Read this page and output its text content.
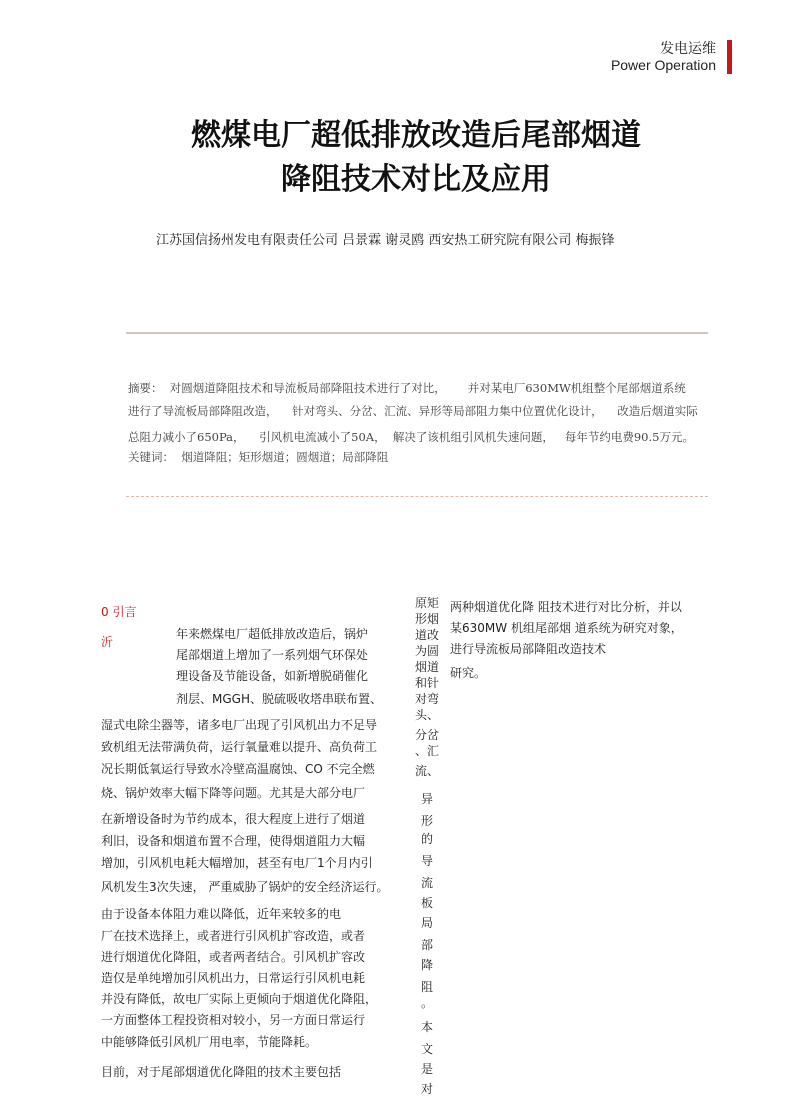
发电运维
Power Operation
燃煤电厂超低排放改造后尾部烟道
降阻技术对比及应用
江苏国信扬州发电有限责任公司 吕景霖 谢灵鸥 西安热工研究院有限公司 梅振锋
摘要：  对圆烟道降阻技术和导流板局部降阻技术进行了对比，      并对某电厂630MW机组整个尾部烟道系统
进行了导流板局部降阻改造，    针对弯头、分岔、汇流、异形等局部阻力集中位置优化设计，    改造后烟道实际
总阻力减小了650Pa，    引风机电流减小了50A，  解决了该机组引风机失速问题，   每年节约电费90.5万元。
关键词：  烟道降阻；矩形烟道；圆烟道；局部降阻
0 引言
沂
年来燃煤电厂超低排放改造后，锅炉
尾部烟道上增加了一系列烟气环保处
理设备及节能设备，如新增脱硝催化
剂层、MGGH、脱硫吸收塔串联布置、
湿式电除尘器等，诸多电厂出现了引风机出力不足导
致机组无法带满负荷，运行氧量难以提升、高负荷工
况长期低氧运行导致水冷壁高温腐蚀、CO 不完全燃
烧、锅炉效率大幅下降等问题。尤其是大部分电厂
在新增设备时为节约成本，很大程度上进行了烟道
利旧，设备和烟道布置不合理，使得烟道阻力大幅
增加，引风机电耗大幅增加，甚至有电厂1个月内引
风机发生3次失速， 严重威胁了锅炉的安全经济运行。
由于设备本体阻力难以降低，近年来较多的电
厂在技术选择上，或者进行引风机扩容改造，或者
进行烟道优化降阻，或者两者结合。引风机扩容改
造仅是单纯增加引风机出力，日常运行引风机电耗
并没有降低，故电厂实际上更倾向于烟道优化降阻，
一方面整体工程投资相对较小，另一方面日常运行
中能够降低引风机厂用电率，节能降耗。
目前，对于尾部烟道优化降阻的技术主要包括
原矩
形烟
道改
为圆
烟道
和针
对弯
头、
分岔
、汇
流、
异
形
的
导
流
板
局
部
降
阻
。
本
文
是
对
两种烟道优化降 阻技术进行对比分析，并以
某630MW 机组尾部烟 道系统为研究对象，
进行导流板局部降阻改造技术
研究。
